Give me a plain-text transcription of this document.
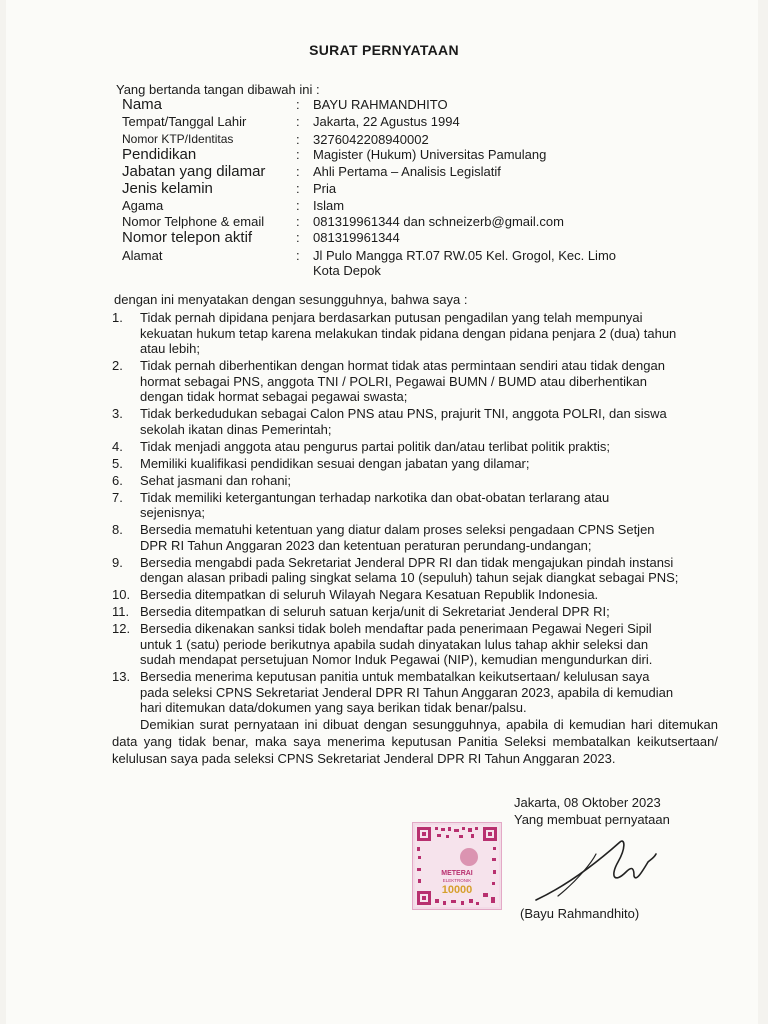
SURAT PERNYATAAN
Yang bertanda tangan dibawah ini :
Nama	:	BAYU RAHMANDHITO
Tempat/Tanggal Lahir	:	Jakarta, 22 Agustus 1994
Nomor KTP/Identitas	:	3276042208940002
Pendidikan	:	Magister (Hukum) Universitas Pamulang
Jabatan yang dilamar	:	Ahli Pertama – Analisis Legislatif
Jenis kelamin	:	Pria
Agama	:	Islam
Nomor Telphone & email	:	081319961344 dan schneizerb@gmail.com
Nomor telepon aktif	:	081319961344
Alamat	:	Jl Pulo Mangga RT.07 RW.05 Kel. Grogol, Kec. Limo
Kota Depok
dengan ini menyatakan dengan sesungguhnya, bahwa saya :
1.	Tidak pernah dipidana penjara berdasarkan putusan pengadilan yang telah mempunyai
kekuatan hukum tetap karena melakukan tindak pidana dengan pidana penjara 2 (dua) tahun
atau lebih;
2.	Tidak pernah diberhentikan dengan hormat tidak atas permintaan sendiri atau tidak dengan
hormat sebagai PNS, anggota TNI / POLRI, Pegawai BUMN / BUMD atau diberhentikan
dengan tidak hormat sebagai pegawai swasta;
3.	Tidak berkedudukan sebagai Calon PNS atau PNS, prajurit TNI, anggota POLRI, dan siswa
sekolah ikatan dinas Pemerintah;
4.	Tidak menjadi anggota atau pengurus partai politik dan/atau terlibat politik praktis;
5.	Memiliki kualifikasi pendidikan sesuai dengan jabatan yang dilamar;
6.	Sehat jasmani dan rohani;
7.	Tidak memiliki ketergantungan terhadap narkotika dan obat-obatan terlarang atau
sejenisnya;
8.	Bersedia mematuhi ketentuan yang diatur dalam proses seleksi pengadaan CPNS Setjen
DPR RI Tahun Anggaran 2023 dan ketentuan peraturan perundang-undangan;
9.	Bersedia mengabdi pada Sekretariat Jenderal DPR RI dan tidak mengajukan pindah instansi
dengan alasan pribadi paling singkat selama 10 (sepuluh) tahun sejak diangkat sebagai PNS;
10. Bersedia ditempatkan di seluruh Wilayah Negara Kesatuan Republik Indonesia.
11. Bersedia ditempatkan di seluruh satuan kerja/unit di Sekretariat Jenderal DPR RI;
12. Bersedia dikenakan sanksi tidak boleh mendaftar pada penerimaan Pegawai Negeri Sipil
untuk 1 (satu) periode berikutnya apabila sudah dinyatakan lulus tahap akhir seleksi dan
sudah mendapat persetujuan Nomor Induk Pegawai (NIP), kemudian mengundurkan diri.
13. Bersedia menerima keputusan panitia untuk membatalkan keikutsertaan/ kelulusan saya
pada seleksi CPNS Sekretariat Jenderal DPR RI Tahun Anggaran 2023, apabila di kemudian
hari ditemukan data/dokumen yang saya berikan tidak benar/palsu.
Demikian surat pernyataan ini dibuat dengan sesungguhnya, apabila di kemudian hari ditemukan data yang tidak benar, maka saya menerima keputusan Panitia Seleksi membatalkan keikutsertaan/ kelulusan saya pada seleksi CPNS Sekretariat Jenderal DPR RI Tahun Anggaran 2023.
Jakarta, 08 Oktober 2023
Yang membuat pernyataan
METERAI
ELEKTRONIK
10000
(Bayu Rahmandhito)
